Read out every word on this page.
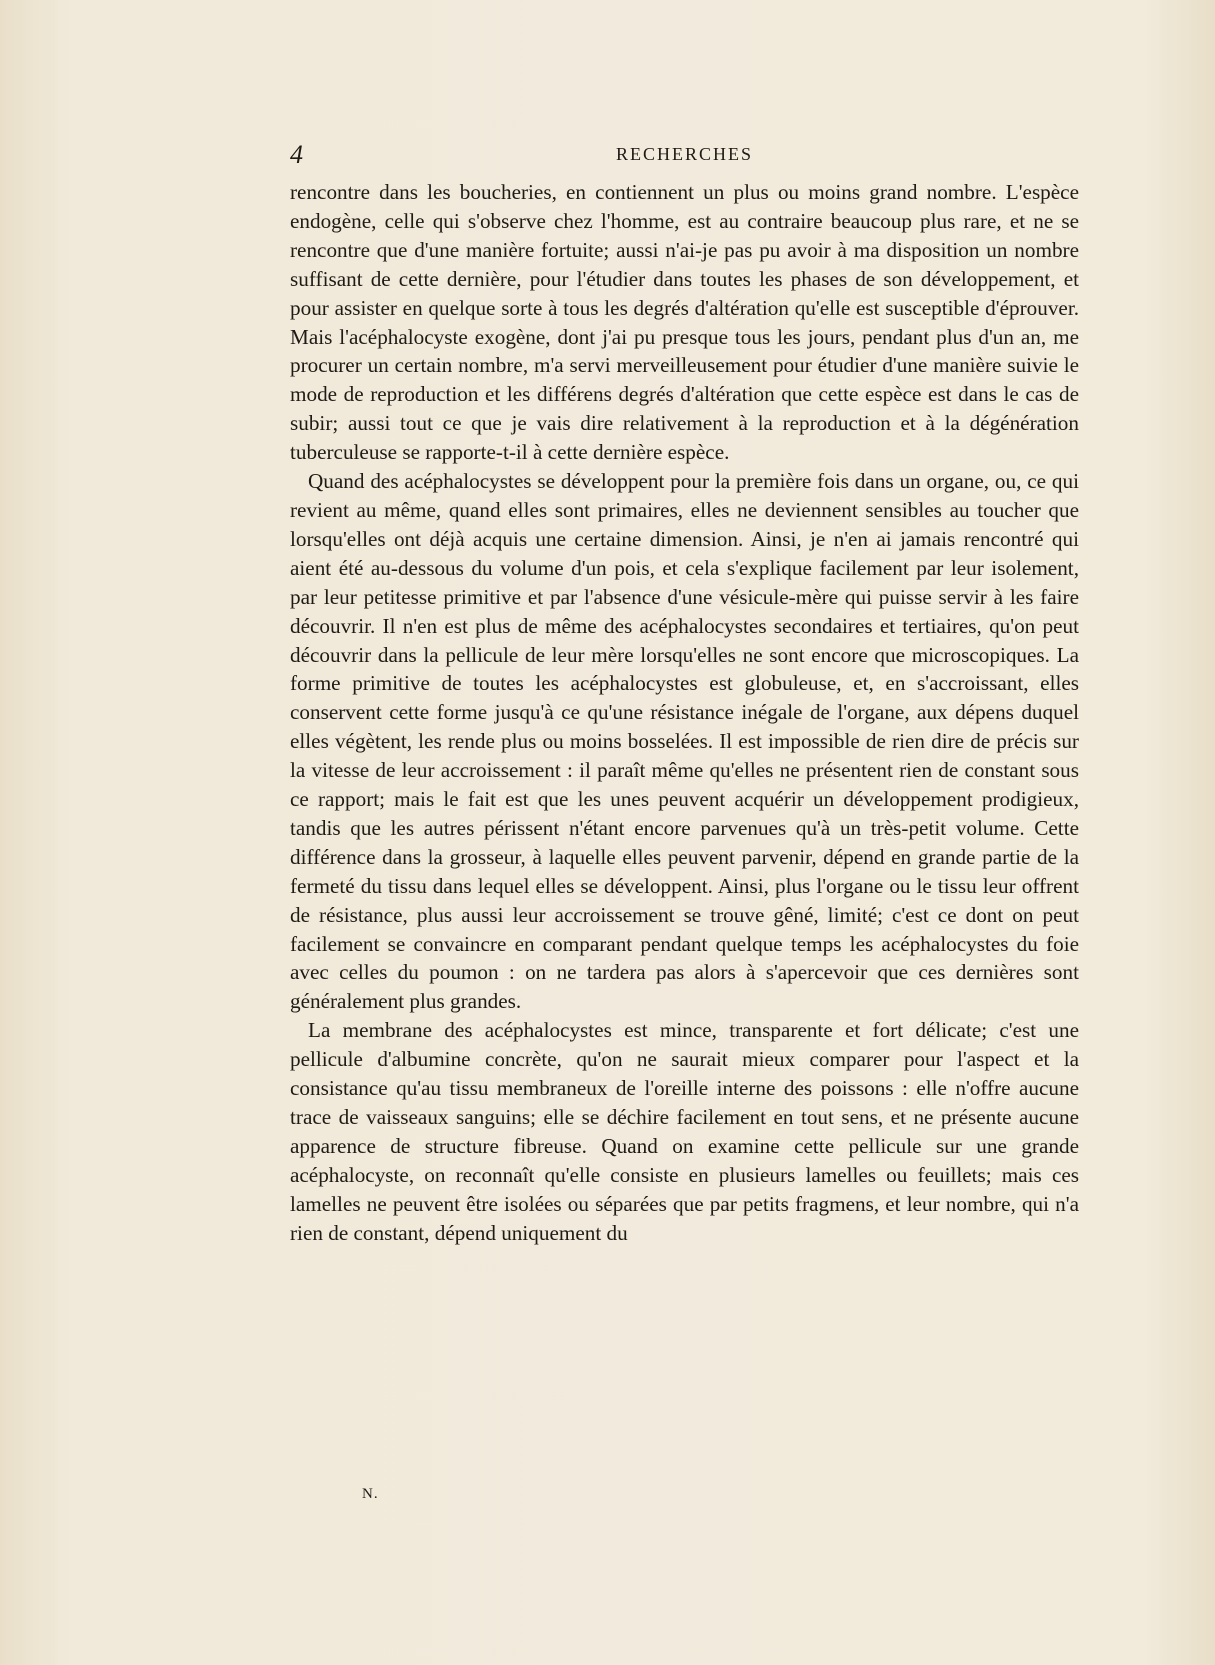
4	RECHERCHES

rencontre dans les boucheries, en contiennent un plus ou moins grand nombre. L'espèce endogène, celle qui s'observe chez l'homme, est au contraire beaucoup plus rare, et ne se rencontre que d'une manière fortuite; aussi n'ai-je pas pu avoir à ma disposition un nombre suffisant de cette dernière, pour l'étudier dans toutes les phases de son développement, et pour assister en quelque sorte à tous les degrés d'altération qu'elle est susceptible d'éprouver. Mais l'acéphalocyste exogène, dont j'ai pu presque tous les jours, pendant plus d'un an, me procurer un certain nombre, m'a servi merveilleusement pour étudier d'une manière suivie le mode de reproduction et les différens degrés d'altération que cette espèce est dans le cas de subir; aussi tout ce que je vais dire relativement à la reproduction et à la dégénération tuberculeuse se rapporte-t-il à cette dernière espèce.

Quand des acéphalocystes se développent pour la première fois dans un organe, ou, ce qui revient au même, quand elles sont primaires, elles ne deviennent sensibles au toucher que lorsqu'elles ont déjà acquis une certaine dimension. Ainsi, je n'en ai jamais rencontré qui aient été au-dessous du volume d'un pois, et cela s'explique facilement par leur isolement, par leur petitesse primitive et par l'absence d'une vésicule-mère qui puisse servir à les faire découvrir. Il n'en est plus de même des acéphalocystes secondaires et tertiaires, qu'on peut découvrir dans la pellicule de leur mère lorsqu'elles ne sont encore que microscopiques. La forme primitive de toutes les acéphalocystes est globuleuse, et, en s'accroissant, elles conservent cette forme jusqu'à ce qu'une résistance inégale de l'organe, aux dépens duquel elles végètent, les rende plus ou moins bosselées. Il est impossible de rien dire de précis sur la vitesse de leur accroissement : il paraît même qu'elles ne présentent rien de constant sous ce rapport; mais le fait est que les unes peuvent acquérir un développement prodigieux, tandis que les autres périssent n'étant encore parvenues qu'à un très-petit volume. Cette différence dans la grosseur, à laquelle elles peuvent parvenir, dépend en grande partie de la fermeté du tissu dans lequel elles se développent. Ainsi, plus l'organe ou le tissu leur offrent de résistance, plus aussi leur accroissement se trouve gêné, limité; c'est ce dont on peut facilement se convaincre en comparant pendant quelque temps les acéphalocystes du foie avec celles du poumon : on ne tardera pas alors à s'apercevoir que ces dernières sont généralement plus grandes.

La membrane des acéphalocystes est mince, transparente et fort délicate; c'est une pellicule d'albumine concrète, qu'on ne saurait mieux comparer pour l'aspect et la consistance qu'au tissu membraneux de l'oreille interne des poissons : elle n'offre aucune trace de vaisseaux sanguins; elle se déchire facilement en tout sens, et ne présente aucune apparence de structure fibreuse. Quand on examine cette pellicule sur une grande acéphalocyste, on reconnaît qu'elle consiste en plusieurs lamelles ou feuillets; mais ces lamelles ne peuvent être isolées ou séparées que par petits fragmens, et leur nombre, qui n'a rien de constant, dépend uniquement du

N.
